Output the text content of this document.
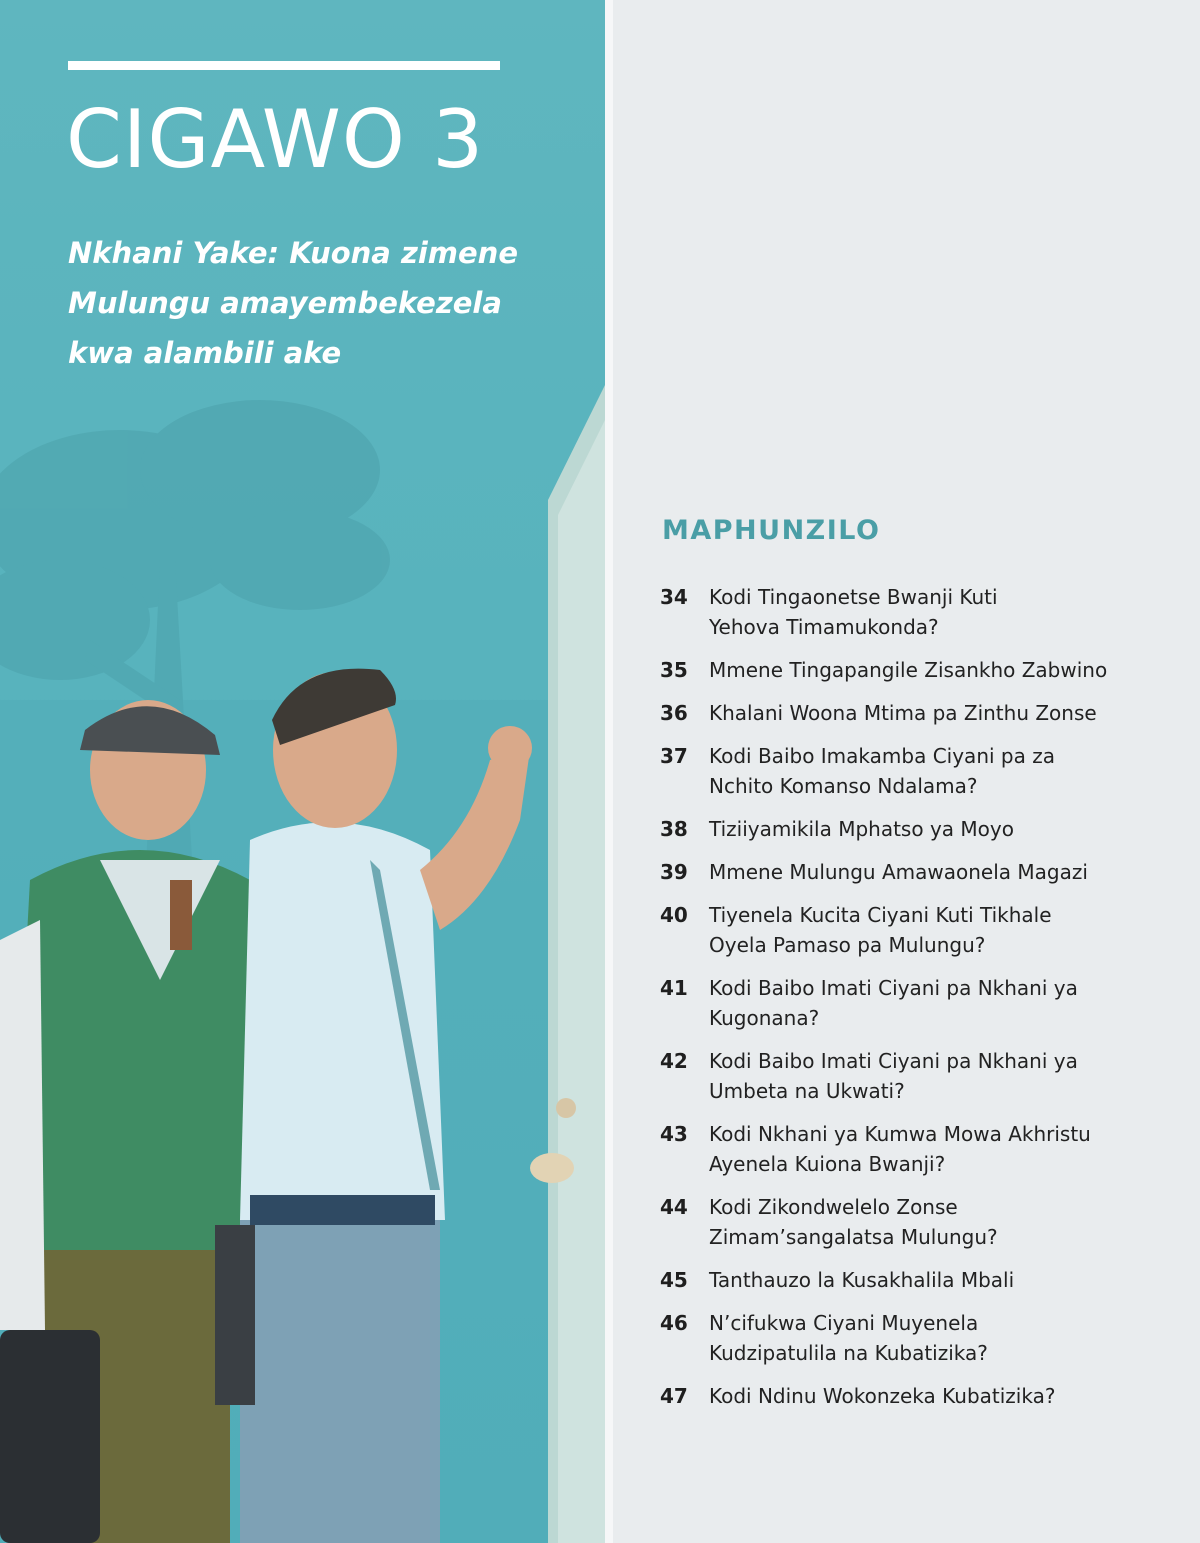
CIGAWO 3
Nkhani Yake: Kuona zimene Mulungu amayembekezela kwa alambili ake
MAPHUNZILO
34	Kodi Tingaonetse Bwanji Kuti
Yehova Timamukonda?
35	Mmene Tingapangile Zisankho Zabwino
36	Khalani Woona Mtima pa Zinthu Zonse
37	Kodi Baibo Imakamba Ciyani pa za
Nchito Komanso Ndalama?
38	Tiziiyamikila Mphatso ya Moyo
39	Mmene Mulungu Amawaonela Magazi
40	Tiyenela Kucita Ciyani Kuti Tikhale
Oyela Pamaso pa Mulungu?
41	Kodi Baibo Imati Ciyani pa Nkhani ya
Kugonana?
42	Kodi Baibo Imati Ciyani pa Nkhani ya
Umbeta na Ukwati?
43	Kodi Nkhani ya Kumwa Mowa Akhristu
Ayenela Kuiona Bwanji?
44	Kodi Zikondwelelo Zonse
Zimam’sangalatsa Mulungu?
45	Tanthauzo la Kusakhalila Mbali
46	N’cifukwa Ciyani Muyenela
Kudzipatulila na Kubatizika?
47	Kodi Ndinu Wokonzeka Kubatizika?
